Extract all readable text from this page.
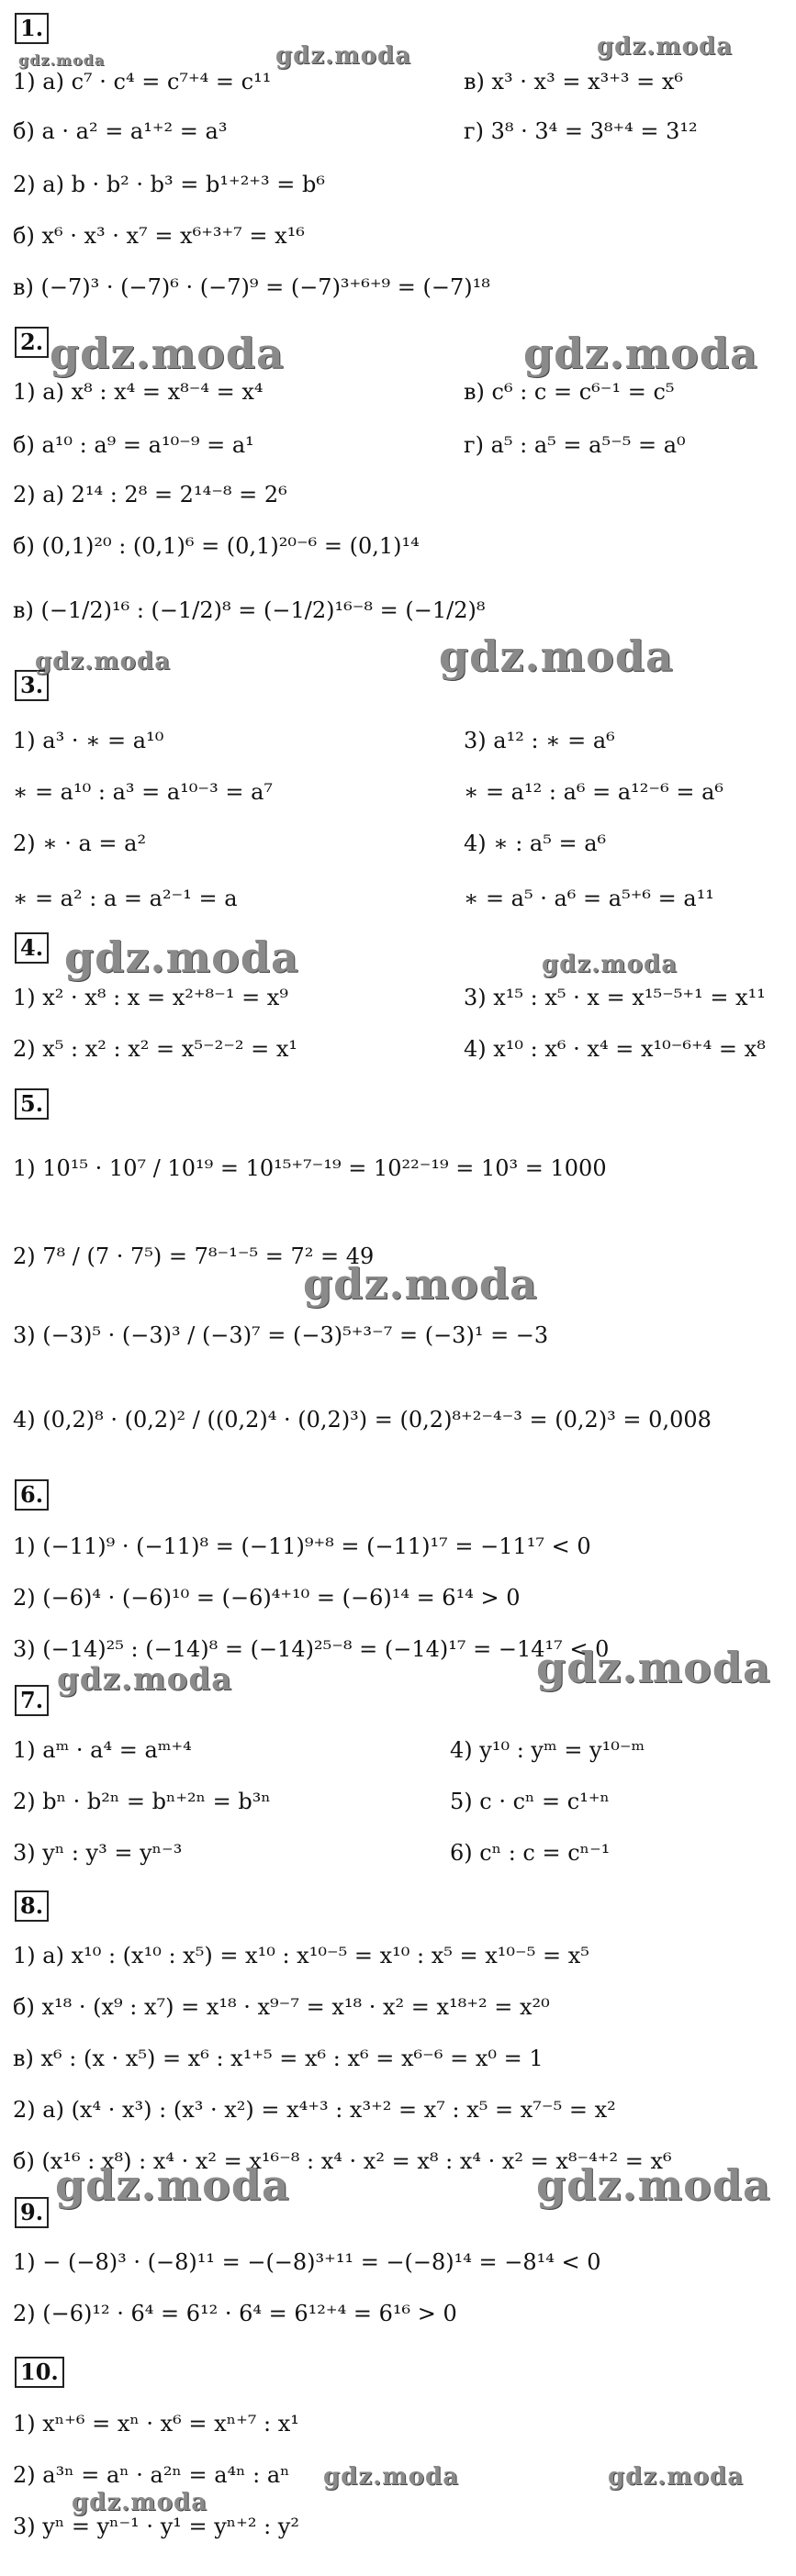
1.
1) а) c⁷ · c⁴ = c⁷⁺⁴ = c¹¹	в) x³ · x³ = x³⁺³ = x⁶
б) a · a² = a¹⁺² = a³	г) 3⁸ · 3⁴ = 3⁸⁺⁴ = 3¹²
2) а) b · b² · b³ = b¹⁺²⁺³ = b⁶
б) x⁶ · x³ · x⁷ = x⁶⁺³⁺⁷ = x¹⁶
в) (−7)³ · (−7)⁶ · (−7)⁹ = (−7)³⁺⁶⁺⁹ = (−7)¹⁸
2.
1) а) x⁸ : x⁴ = x⁸⁻⁴ = x⁴	в) c⁶ : c = c⁶⁻¹ = c⁵
б) a¹⁰ : a⁹ = a¹⁰⁻⁹ = a¹	г) a⁵ : a⁵ = a⁵⁻⁵ = a⁰
2) а) 2¹⁴ : 2⁸ = 2¹⁴⁻⁸ = 2⁶
б) (0,1)²⁰ : (0,1)⁶ = (0,1)²⁰⁻⁶ = (0,1)¹⁴
в) (−1/2)¹⁶ : (−1/2)⁸ = (−1/2)¹⁶⁻⁸ = (−1/2)⁸
3.
1) a³ · ∗ = a¹⁰	3) a¹² : ∗ = a⁶
∗ = a¹⁰ : a³ = a¹⁰⁻³ = a⁷	∗ = a¹² : a⁶ = a¹²⁻⁶ = a⁶
2) ∗ · a = a²	4) ∗ : a⁵ = a⁶
∗ = a² : a = a²⁻¹ = a	∗ = a⁵ · a⁶ = a⁵⁺⁶ = a¹¹
4.
1) x² · x⁸ : x = x²⁺⁸⁻¹ = x⁹	3) x¹⁵ : x⁵ · x = x¹⁵⁻⁵⁺¹ = x¹¹
2) x⁵ : x² : x² = x⁵⁻²⁻² = x¹	4) x¹⁰ : x⁶ · x⁴ = x¹⁰⁻⁶⁺⁴ = x⁸
5.
1) 10¹⁵ · 10⁷ / 10¹⁹ = 10¹⁵⁺⁷⁻¹⁹ = 10²²⁻¹⁹ = 10³ = 1000
2) 7⁸ / (7 · 7⁵) = 7⁸⁻¹⁻⁵ = 7² = 49
3) (−3)⁵ · (−3)³ / (−3)⁷ = (−3)⁵⁺³⁻⁷ = (−3)¹ = −3
4) (0,2)⁸ · (0,2)² / ((0,2)⁴ · (0,2)³) = (0,2)⁸⁺²⁻⁴⁻³ = (0,2)³ = 0,008
6.
1) (−11)⁹ · (−11)⁸ = (−11)⁹⁺⁸ = (−11)¹⁷ = −11¹⁷ < 0
2) (−6)⁴ · (−6)¹⁰ = (−6)⁴⁺¹⁰ = (−6)¹⁴ = 6¹⁴ > 0
3) (−14)²⁵ : (−14)⁸ = (−14)²⁵⁻⁸ = (−14)¹⁷ = −14¹⁷ < 0
7.
1) aᵐ · a⁴ = aᵐ⁺⁴	4) y¹⁰ : yᵐ = y¹⁰⁻ᵐ
2) bⁿ · b²ⁿ = bⁿ⁺²ⁿ = b³ⁿ	5) c · cⁿ = c¹⁺ⁿ
3) yⁿ : y³ = yⁿ⁻³	6) cⁿ : c = cⁿ⁻¹
8.
1) а) x¹⁰ : (x¹⁰ : x⁵) = x¹⁰ : x¹⁰⁻⁵ = x¹⁰ : x⁵ = x¹⁰⁻⁵ = x⁵
б) x¹⁸ · (x⁹ : x⁷) = x¹⁸ · x⁹⁻⁷ = x¹⁸ · x² = x¹⁸⁺² = x²⁰
в) x⁶ : (x · x⁵) = x⁶ : x¹⁺⁵ = x⁶ : x⁶ = x⁶⁻⁶ = x⁰ = 1
2) а) (x⁴ · x³) : (x³ · x²) = x⁴⁺³ : x³⁺² = x⁷ : x⁵ = x⁷⁻⁵ = x²
б) (x¹⁶ : x⁸) : x⁴ · x² = x¹⁶⁻⁸ : x⁴ · x² = x⁸ : x⁴ · x² = x⁸⁻⁴⁺² = x⁶
9.
1) − (−8)³ · (−8)¹¹ = −(−8)³⁺¹¹ = −(−8)¹⁴ = −8¹⁴ < 0
2) (−6)¹² · 6⁴ = 6¹² · 6⁴ = 6¹²⁺⁴ = 6¹⁶ > 0
10.
1) xⁿ⁺⁶ = xⁿ · x⁶ = xⁿ⁺⁷ : x¹
2) a³ⁿ = aⁿ · a²ⁿ = a⁴ⁿ : aⁿ
3) yⁿ = yⁿ⁻¹ · y¹ = yⁿ⁺² : y²
gdz.moda	gdz.moda	gdz.moda
gdz.moda	gdz.moda
gdz.moda	gdz.moda
gdz.moda	gdz.moda
gdz.moda
gdz.moda	gdz.moda
gdz.moda	gdz.moda
gdz.moda	gdz.moda
gdz.moda
